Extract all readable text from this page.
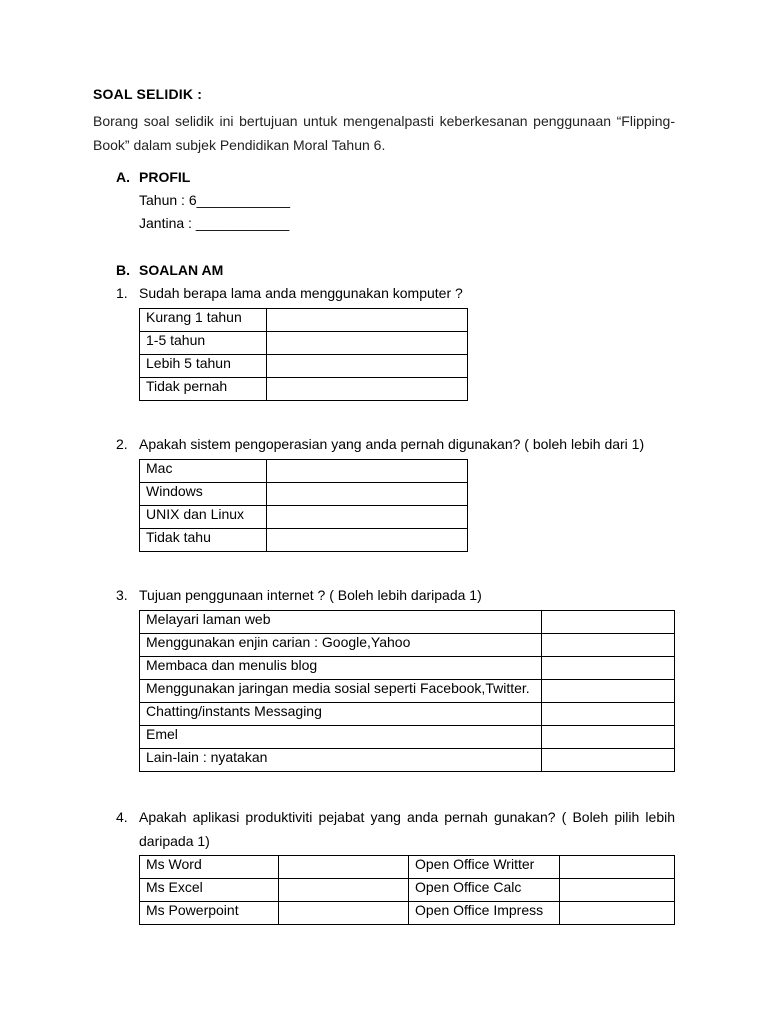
SOAL SELIDIK :
Borang soal selidik ini bertujuan untuk mengenalpasti keberkesanan penggunaan “Flipping-Book” dalam subjek Pendidikan Moral Tahun 6.
A. PROFIL
Tahun : 6____________
Jantina : ____________
B. SOALAN AM
1. Sudah berapa lama anda menggunakan komputer ?
Kurang 1 tahun	
1-5 tahun	
Lebih 5 tahun	
Tidak pernah	
2. Apakah sistem pengoperasian yang anda pernah digunakan? ( boleh lebih dari 1)
Mac	
Windows	
UNIX dan Linux	
Tidak tahu	
3. Tujuan penggunaan internet ? ( Boleh lebih daripada 1)
Melayari laman web	
Menggunakan enjin carian : Google,Yahoo	
Membaca dan menulis blog	
Menggunakan jaringan media sosial seperti Facebook,Twitter.	
Chatting/instants Messaging	
Emel	
Lain-lain : nyatakan	
4. Apakah aplikasi produktiviti pejabat yang anda pernah gunakan? ( Boleh pilih lebih daripada 1)
Ms Word		Open Office Writter	
Ms Excel		Open Office Calc	
Ms Powerpoint		Open Office Impress	
